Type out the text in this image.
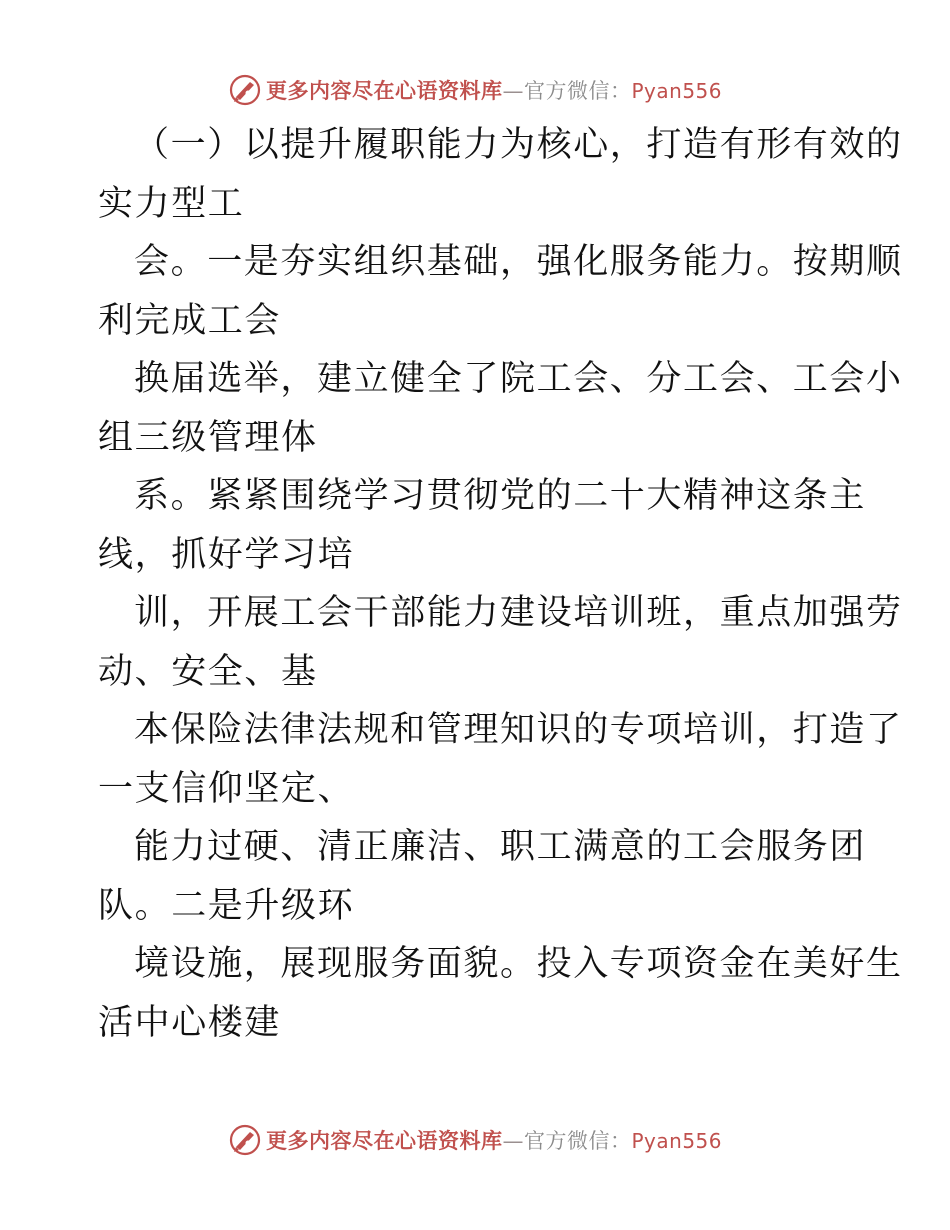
更多内容尽在心语资料库 — 官方微信： Pyan556
（一）以提升履职能力为核心，打造有形有效的
实力型工
会。一是夯实组织基础，强化服务能力。按期顺
利完成工会
换届选举，建立健全了院工会、分工会、工会小
组三级管理体
系。紧紧围绕学习贯彻党的二十大精神这条主
线，抓好学习培
训，开展工会干部能力建设培训班，重点加强劳
动、安全、基
本保险法律法规和管理知识的专项培训，打造了
一支信仰坚定、
能力过硬、清正廉洁、职工满意的工会服务团
队。二是升级环
境设施，展现服务面貌。投入专项资金在美好生
活中心楼建
更多内容尽在心语资料库 — 官方微信： Pyan556
